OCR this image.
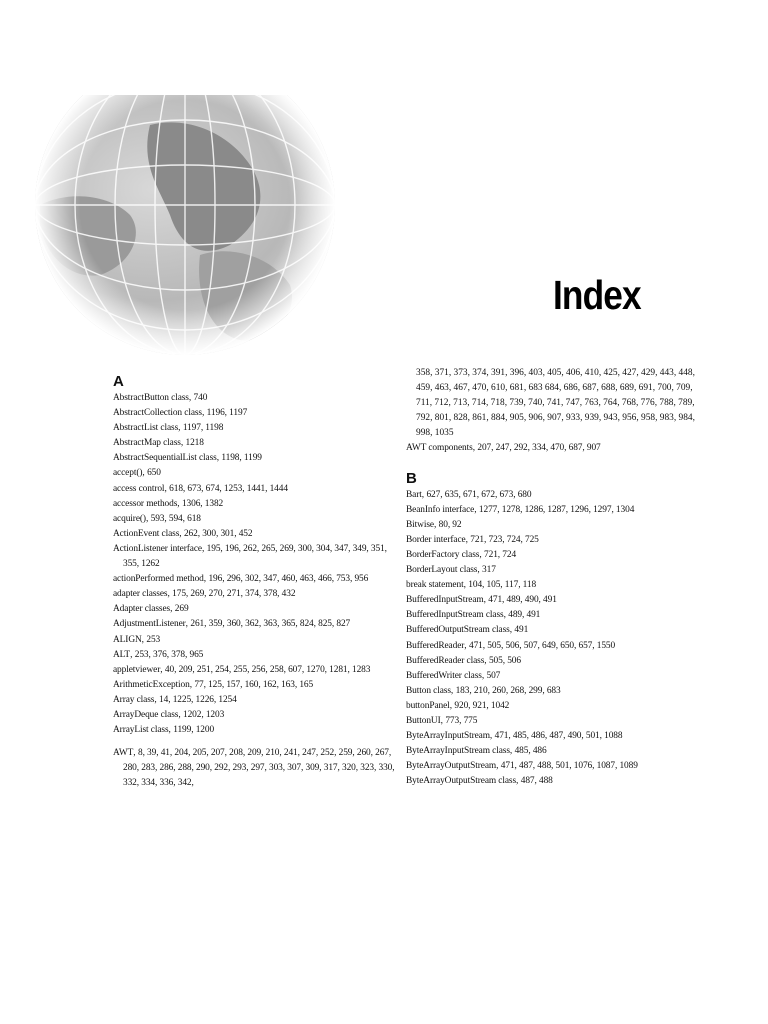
Index
A

AbstractButton class, 740

AbstractCollection class, 1196, 1197

AbstractList class, 1197, 1198

AbstractMap class, 1218

AbstractSequentialList class, 1198, 1199

accept(), 650

access control, 618, 673, 674, 1253, 1441, 1444

accessor methods, 1306, 1382

acquire(), 593, 594, 618

ActionEvent class, 262, 300, 301, 452

ActionListener interface, 195, 196, 262, 265, 269, 300, 304, 347, 349, 351, 355, 1262

actionPerformed method, 196, 296, 302, 347, 460, 463, 466, 753, 956

adapter classes, 175, 269, 270, 271, 374, 378, 432

Adapter classes, 269

AdjustmentListener, 261, 359, 360, 362, 363, 365, 824, 825, 827

ALIGN, 253

ALT, 253, 376, 378, 965

appletviewer, 40, 209, 251, 254, 255, 256, 258, 607, 1270, 1281, 1283

ArithmeticException, 77, 125, 157, 160, 162, 163, 165

Array class, 14, 1225, 1226, 1254

ArrayDeque class, 1202, 1203

ArrayList class, 1199, 1200

AWT, 8, 39, 41, 204, 205, 207, 208, 209, 210, 241, 247, 252, 259, 260, 267, 280, 283, 286, 288, 290, 292, 293, 297, 303, 307, 309, 317, 320, 323, 330, 332, 334, 336, 342,

358, 371, 373, 374, 391, 396, 403, 405, 406, 410, 425, 427, 429, 443, 448, 459, 463, 467, 470, 610, 681, 683 684, 686, 687, 688, 689, 691, 700, 709, 711, 712, 713, 714, 718, 739, 740, 741, 747, 763, 764, 768, 776, 788, 789, 792, 801, 828, 861, 884, 905, 906, 907, 933, 939, 943, 956, 958, 983, 984, 998, 1035

AWT components, 207, 247, 292, 334, 470, 687, 907

B

Bart, 627, 635, 671, 672, 673, 680

BeanInfo interface, 1277, 1278, 1286, 1287, 1296, 1297, 1304

Bitwise, 80, 92

Border interface, 721, 723, 724, 725

BorderFactory class, 721, 724

BorderLayout class, 317

break statement, 104, 105, 117, 118

BufferedInputStream, 471, 489, 490, 491

BufferedInputStream class, 489, 491

BufferedOutputStream class, 491

BufferedReader, 471, 505, 506, 507, 649, 650, 657, 1550

BufferedReader class, 505, 506

BufferedWriter class, 507

Button class, 183, 210, 260, 268, 299, 683

buttonPanel, 920, 921, 1042

ButtonUI, 773, 775

ByteArrayInputStream, 471, 485, 486, 487, 490, 501, 1088

ByteArrayInputStream class, 485, 486

ByteArrayOutputStream, 471, 487, 488, 501, 1076, 1087, 1089

ByteArrayOutputStream class, 487, 488
